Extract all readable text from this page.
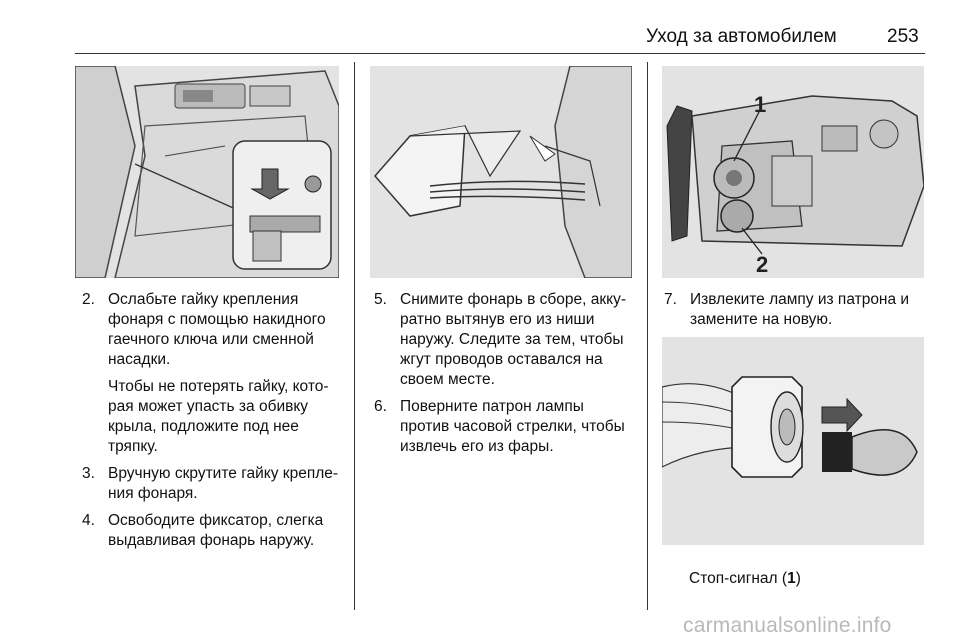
Уход за автомобилем	253
1
2
2. Ослабьте гайку крепления фонаря с помощью накидного гаечного ключа или сменной насадки.

Чтобы не потерять гайку, кото- рая может упасть за обивку крыла, подложите под нее тряпку.

3. Вручную скрутите гайку крепле- ния фонаря.

4. Освободите фиксатор, слегка выдавливая фонарь наружу.

5. Снимите фонарь в сборе, акку- ратно вытянув его из ниши наружу. Следите за тем, чтобы жгут проводов оставался на своем месте.

6. Поверните патрон лампы против часовой стрелки, чтобы извлечь его из фары.

7. Извлеките лампу из патрона и замените на новую.

Стоп-сигнал (1)
carmanualsonline.info
